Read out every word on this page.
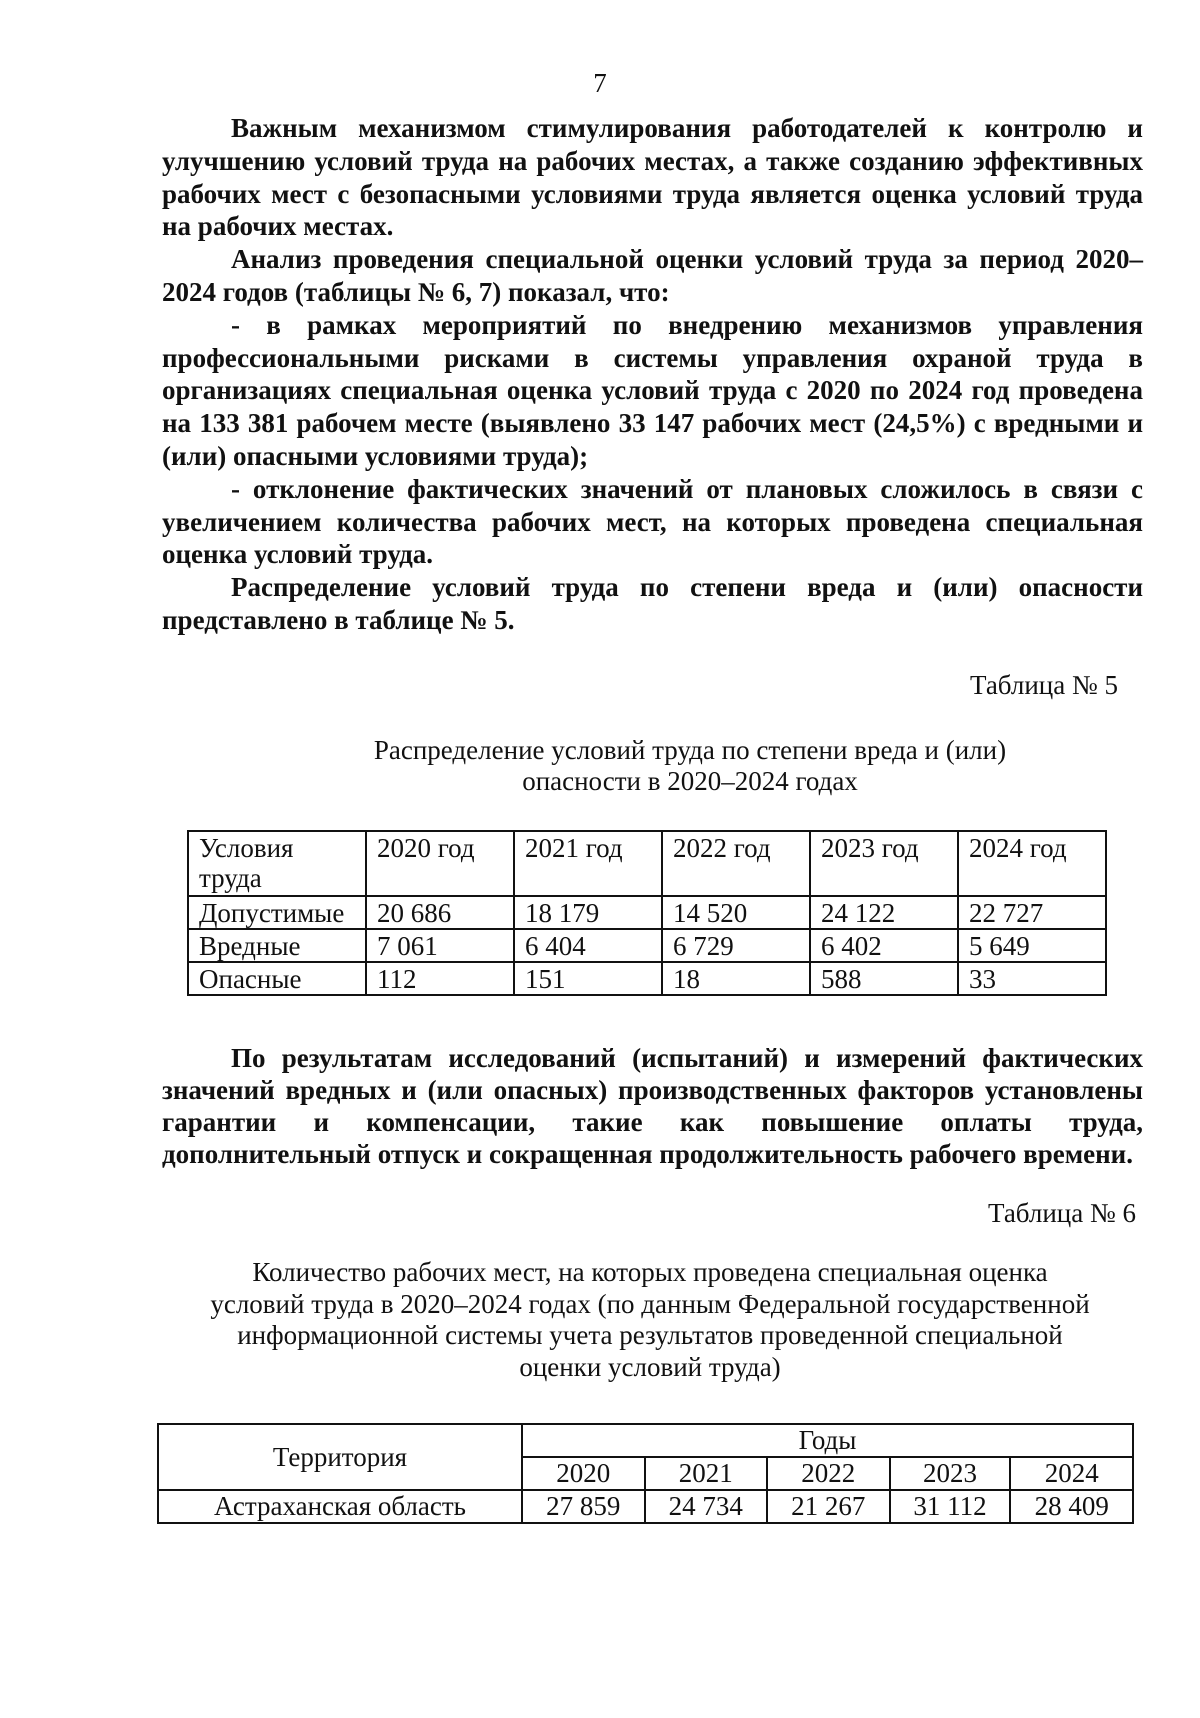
7

Важным механизмом стимулирования работодателей к контролю и улучшению условий труда на рабочих местах, а также созданию эффективных рабочих мест с безопасными условиями труда является оценка условий труда на рабочих местах.

Анализ проведения специальной оценки условий труда за период 2020–2024 годов (таблицы № 6, 7) показал, что:

- в рамках мероприятий по внедрению механизмов управления профессиональными рисками в системы управления охраной труда в организациях специальная оценка условий труда с 2020 по 2024 год проведена на 133 381 рабочем месте (выявлено 33 147 рабочих мест (24,5%) с вредными и (или) опасными условиями труда);

- отклонение фактических значений от плановых сложилось в связи с увеличением количества рабочих мест, на которых проведена специальная оценка условий труда.

Распределение условий труда по степени вреда и (или) опасности представлено в таблице № 5.

Таблица № 5
Распределение условий труда по степени вреда и (или)
опасности в 2020–2024 годах
Условия труда	2020 год	2021 год	2022 год	2023 год	2024 год
Допустимые	20 686	18 179	14 520	24 122	22 727
Вредные	7 061	6 404	6 729	6 402	5 649
Опасные	112	151	18	588	33

По результатам исследований (испытаний) и измерений фактических значений вредных и (или опасных) производственных факторов установлены гарантии и компенсации, такие как повышение оплаты труда, дополнительный отпуск и сокращенная продолжительность рабочего времени.

Таблица № 6
Количество рабочих мест, на которых проведена специальная оценка
условий труда в 2020–2024 годах (по данным Федеральной государственной
информационной системы учета результатов проведенной специальной
оценки условий труда)
Территория	Годы				
	2020	2021	2022	2023	2024
Астраханская область	27 859	24 734	21 267	31 112	28 409
